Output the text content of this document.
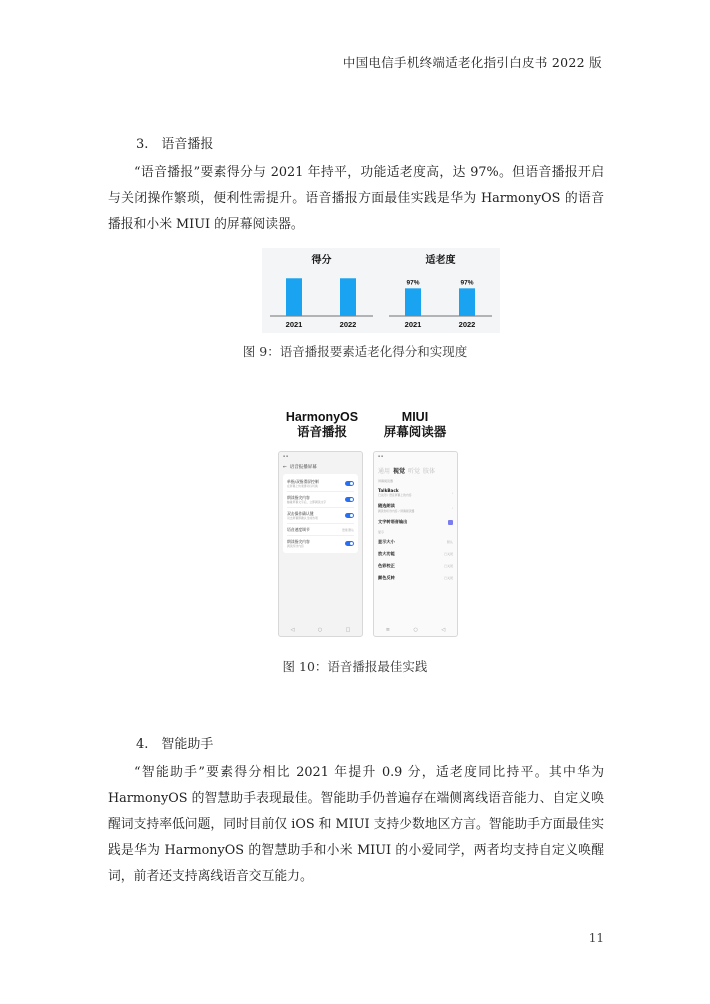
中国电信手机终端适老化指引白皮书 2022 版
3.　语音播报

“语音播报”要素得分与 2021 年持平，功能适老度高，达 97%。但语音播报开启与关闭操作繁琐，便利性需提升。语音播报方面最佳实践是华为 HarmonyOS 的语音播报和小米 MIUI 的屏幕阅读器。

得分
2021	2022
适老度
2021
97%
2022
97%
图 9：语音播报要素适老化得分和实现度
HarmonyOS
语音播报
MIUI
屏幕阅读器
▪ ▪
← 语音报播屏幕
单指/双指滑屏控制
在屏幕上快速滑动以切换
朗读指尖内容
触碰屏幕文字后，立即朗读文字
双击操作确认键
双击屏幕即确认当前选项
语音速度调节	语速 默认
朗读指尖内容
朗读所选内容
◁	○	□
▪ ▪
通用 视觉 听觉 肢体
屏幕阅读器
TalkBack
已关闭 / 语音屏幕上的内容
›
随选朗读
朗读你所选内容 / 屏幕阅读器
›
文字转语音输出
显示
显示大小	默认
放大功能	已关闭
色彩校正	已关闭
颜色反转	已关闭
≡	○	◁
图 10：语音播报最佳实践
4.　智能助手

“智能助手”要素得分相比 2021 年提升 0.9 分，适老度同比持平。其中华为 HarmonyOS 的智慧助手表现最佳。智能助手仍普遍存在端侧离线语音能力、自定义唤醒词支持率低问题，同时目前仅 iOS 和 MIUI 支持少数地区方言。智能助手方面最佳实践是华为 HarmonyOS 的智慧助手和小米 MIUI 的小爱同学，两者均支持自定义唤醒词，前者还支持离线语音交互能力。

11
